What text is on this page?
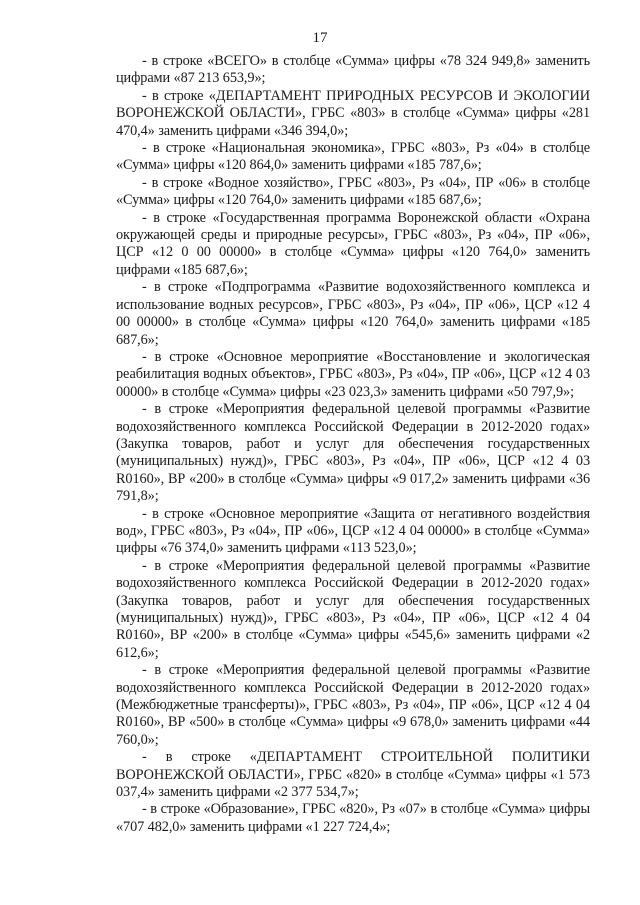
17

- в строке «ВСЕГО» в столбце «Сумма» цифры «78 324 949,8» заменить цифрами «87 213 653,9»;

- в строке «ДЕПАРТАМЕНТ ПРИРОДНЫХ РЕСУРСОВ И ЭКОЛОГИИ ВОРОНЕЖСКОЙ ОБЛАСТИ», ГРБС «803» в столбце «Сумма» цифры «281 470,4» заменить цифрами «346 394,0»;

- в строке «Национальная экономика», ГРБС «803», Рз «04» в столбце «Сумма» цифры «120 864,0» заменить цифрами «185 787,6»;

- в строке «Водное хозяйство», ГРБС «803», Рз «04», ПР «06» в столбце «Сумма» цифры «120 764,0» заменить цифрами «185 687,6»;

- в строке «Государственная программа Воронежской области «Охрана окружающей среды и природные ресурсы», ГРБС «803», Рз «04», ПР «06», ЦСР «12 0 00 00000» в столбце «Сумма» цифры «120 764,0» заменить цифрами «185 687,6»;

- в строке «Подпрограмма «Развитие водохозяйственного комплекса и использование водных ресурсов», ГРБС «803», Рз «04», ПР «06», ЦСР «12 4 00 00000» в столбце «Сумма» цифры «120 764,0» заменить цифрами «185 687,6»;

- в строке «Основное мероприятие «Восстановление и экологическая реабилитация водных объектов», ГРБС «803», Рз «04», ПР «06», ЦСР «12 4 03 00000» в столбце «Сумма» цифры «23 023,3» заменить цифрами «50 797,9»;

- в строке «Мероприятия федеральной целевой программы «Развитие водохозяйственного комплекса Российской Федерации в 2012-2020 годах» (Закупка товаров, работ и услуг для обеспечения государственных (муниципальных) нужд)», ГРБС «803», Рз «04», ПР «06», ЦСР «12 4 03 R0160», ВР «200» в столбце «Сумма» цифры «9 017,2» заменить цифрами «36 791,8»;

- в строке «Основное мероприятие «Защита от негативного воздействия вод», ГРБС «803», Рз «04», ПР «06», ЦСР «12 4 04 00000» в столбце «Сумма» цифры «76 374,0» заменить цифрами «113 523,0»;

- в строке «Мероприятия федеральной целевой программы «Развитие водохозяйственного комплекса Российской Федерации в 2012-2020 годах» (Закупка товаров, работ и услуг для обеспечения государственных (муниципальных) нужд)», ГРБС «803», Рз «04», ПР «06», ЦСР «12 4 04 R0160», ВР «200» в столбце «Сумма» цифры «545,6» заменить цифрами «2 612,6»;

- в строке «Мероприятия федеральной целевой программы «Развитие водохозяйственного комплекса Российской Федерации в 2012-2020 годах» (Межбюджетные трансферты)», ГРБС «803», Рз «04», ПР «06», ЦСР «12 4 04 R0160», ВР «500» в столбце «Сумма» цифры «9 678,0» заменить цифрами «44 760,0»;

- в строке «ДЕПАРТАМЕНТ СТРОИТЕЛЬНОЙ ПОЛИТИКИ ВОРОНЕЖСКОЙ ОБЛАСТИ», ГРБС «820» в столбце «Сумма» цифры «1 573 037,4» заменить цифрами «2 377 534,7»;

- в строке «Образование», ГРБС «820», Рз «07» в столбце «Сумма» цифры «707 482,0» заменить цифрами «1 227 724,4»;
